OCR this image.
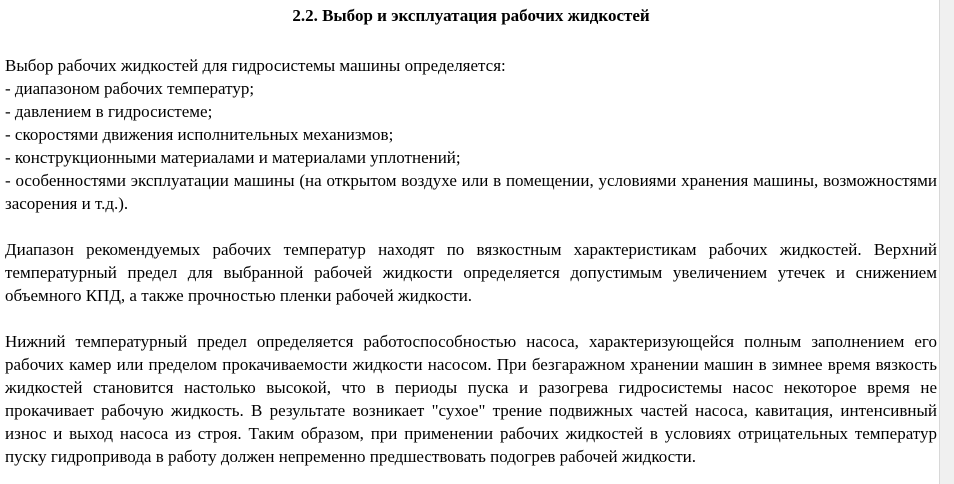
2.2. Выбор и эксплуатация рабочих жидкостей
Выбор рабочих жидкостей для гидросистемы машины определяется:
- диапазоном рабочих температур;
- давлением в гидросистеме;
- скоростями движения исполнительных механизмов;
- конструкционными материалами и материалами уплотнений;
- особенностями эксплуатации машины (на открытом воздухе или в помещении, условиями хранения машины, возможностями засорения и т.д.).
Диапазон рекомендуемых рабочих температур находят по вязкостным характеристикам рабочих жидкостей. Верхний температурный предел для выбранной рабочей жидкости определяется допустимым увеличением утечек и снижением объемного КПД, а также прочностью пленки рабочей жидкости.
Нижний температурный предел определяется работоспособностью насоса, характеризующейся полным заполнением его рабочих камер или пределом прокачиваемости жидкости насосом. При безгаражном хранении машин в зимнее время вязкость жидкостей становится настолько высокой, что в периоды пуска и разогрева гидросистемы насос некоторое время не прокачивает рабочую жидкость. В результате возникает "сухое" трение подвижных частей насоса, кавитация, интенсивный износ и выход насоса из строя. Таким образом, при применении рабочих жидкостей в условиях отрицательных температур пуску гидропривода в работу должен непременно предшествовать подогрев рабочей жидкости.
